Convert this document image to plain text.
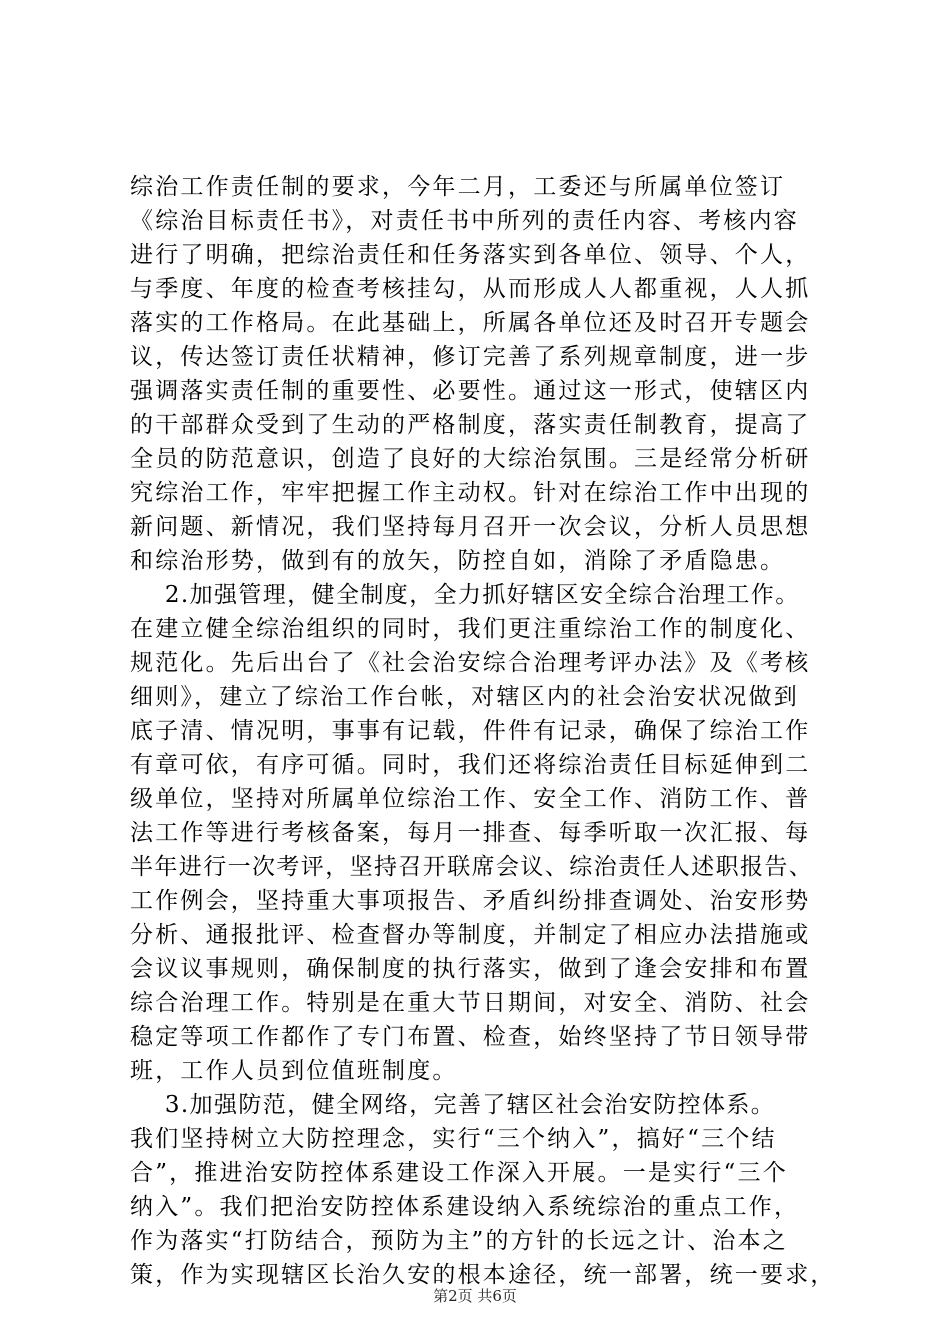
综治工作责任制的要求，今年二月，工委还与所属单位签订
《综治目标责任书》，对责任书中所列的责任内容、考核内容
进行了明确，把综治责任和任务落实到各单位、领导、个人，
与季度、年度的检查考核挂勾，从而形成人人都重视，人人抓
落实的工作格局。在此基础上，所属各单位还及时召开专题会
议，传达签订责任状精神，修订完善了系列规章制度，进一步
强调落实责任制的重要性、必要性。通过这一形式，使辖区内
的干部群众受到了生动的严格制度，落实责任制教育，提高了
全员的防范意识，创造了良好的大综治氛围。三是经常分析研
究综治工作，牢牢把握工作主动权。针对在综治工作中出现的
新问题、新情况，我们坚持每月召开一次会议，分析人员思想
和综治形势，做到有的放矢，防控自如，消除了矛盾隐患。
2.加强管理，健全制度，全力抓好辖区安全综合治理工作。
在建立健全综治组织的同时，我们更注重综治工作的制度化、
规范化。先后出台了《社会治安综合治理考评办法》及《考核
细则》，建立了综治工作台帐，对辖区内的社会治安状况做到
底子清、情况明，事事有记载，件件有记录，确保了综治工作
有章可依，有序可循。同时，我们还将综治责任目标延伸到二
级单位，坚持对所属单位综治工作、安全工作、消防工作、普
法工作等进行考核备案，每月一排查、每季听取一次汇报、每
半年进行一次考评，坚持召开联席会议、综治责任人述职报告、
工作例会，坚持重大事项报告、矛盾纠纷排查调处、治安形势
分析、通报批评、检查督办等制度，并制定了相应办法措施或
会议议事规则，确保制度的执行落实，做到了逢会安排和布置
综合治理工作。特别是在重大节日期间，对安全、消防、社会
稳定等项工作都作了专门布置、检查，始终坚持了节日领导带
班，工作人员到位值班制度。
3.加强防范，健全网络，完善了辖区社会治安防控体系。
我们坚持树立大防控理念，实行“三个纳入”，搞好“三个结
合”，推进治安防控体系建设工作深入开展。一是实行“三个
纳入”。我们把治安防控体系建设纳入系统综治的重点工作，
作为落实“打防结合，预防为主”的方针的长远之计、治本之
策，作为实现辖区长治久安的根本途径，统一部署，统一要求，
第2页 共6页
